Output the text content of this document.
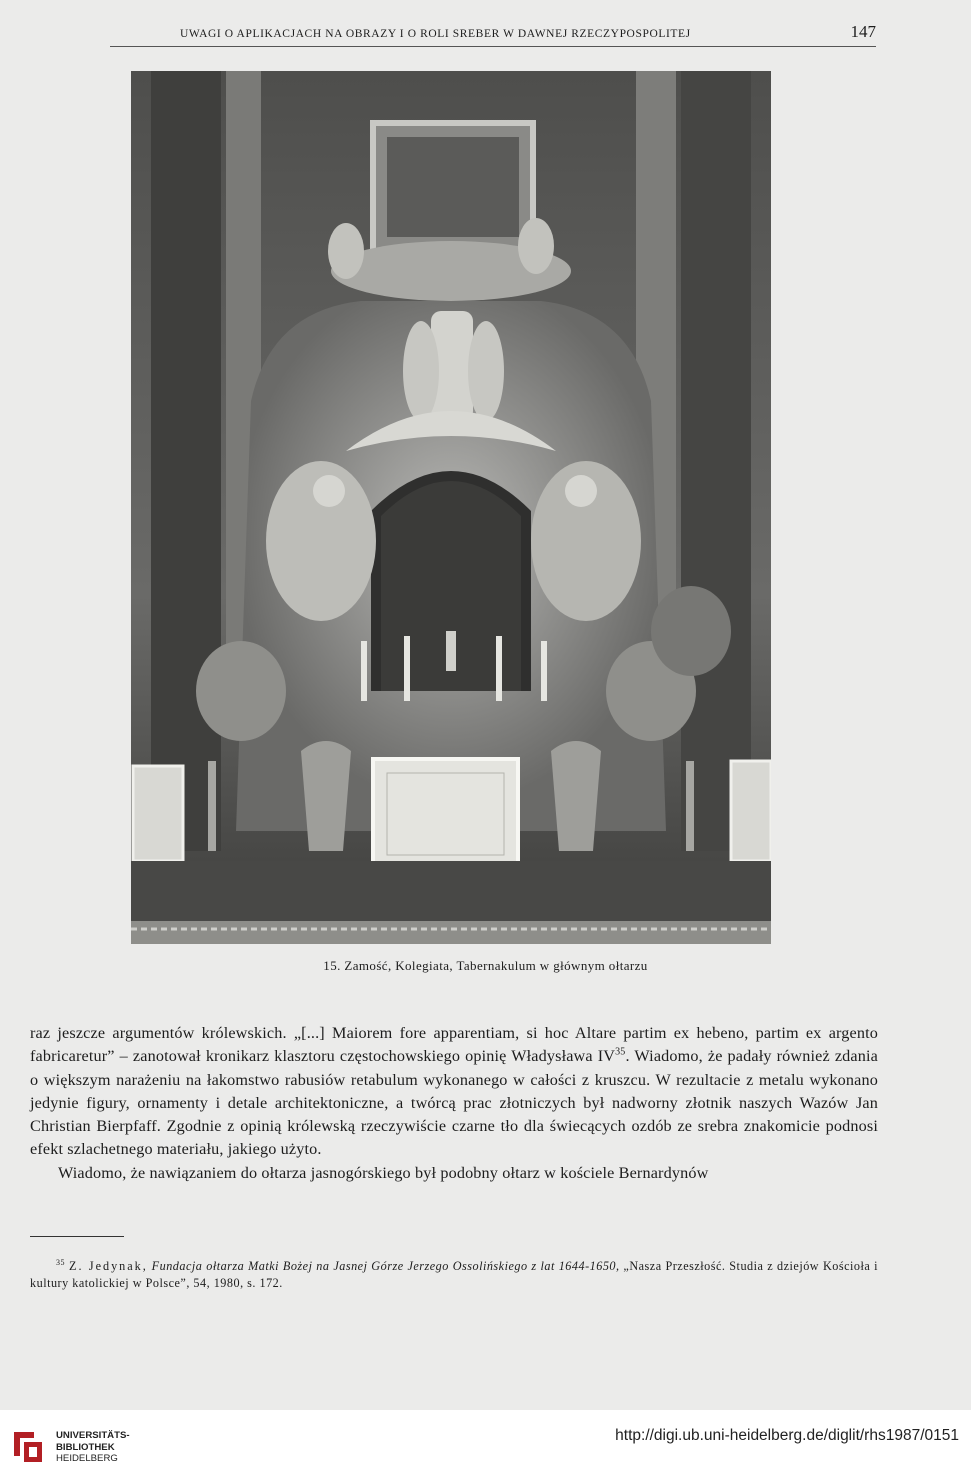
UWAGI O APLIKACJACH NA OBRAZY I O ROLI SREBER W DAWNEJ RZECZYPOSPOLITEJ	147
15. Zamość, Kolegiata, Tabernakulum w głównym ołtarzu

raz jeszcze argumentów królewskich. „[...] Maiorem fore apparentiam, si hoc Altare partim ex hebeno, partim ex argento fabricaretur” – zanotował kronikarz klasztoru częstochowskiego opinię Władysława IV$^{35}$. Wiadomo, że padały również zdania o większym narażeniu na łakomstwo rabusiów retabulum wykonanego w całości z kruszcu. W rezultacie z metalu wykonano jedynie figury, ornamenty i detale architektoniczne, a twórcą prac złotniczych był nadworny złotnik naszych Wazów Jan Christian Bierpfaff. Zgodnie z opinią królewską rzeczywiście czarne tło dla świecących ozdób ze srebra znakomicie podnosi efekt szlachetnego materiału, jakiego użyto.

Wiadomo, że nawiązaniem do ołtarza jasnogórskiego był podobny ołtarz w kościele Bernardynów

$^{35}$ Z. Jedynak, Fundacja ołtarza Matki Bożej na Jasnej Górze Jerzego Ossolińskiego z lat 1644-1650, „Nasza Przeszłość. Studia z dziejów Kościoła i kultury katolickiej w Polsce”, 54, 1980, s. 172.
UNIVERSITÄTS-
BIBLIOTHEK
HEIDELBERG
http://digi.ub.uni-heidelberg.de/diglit/rhs1987/0151
